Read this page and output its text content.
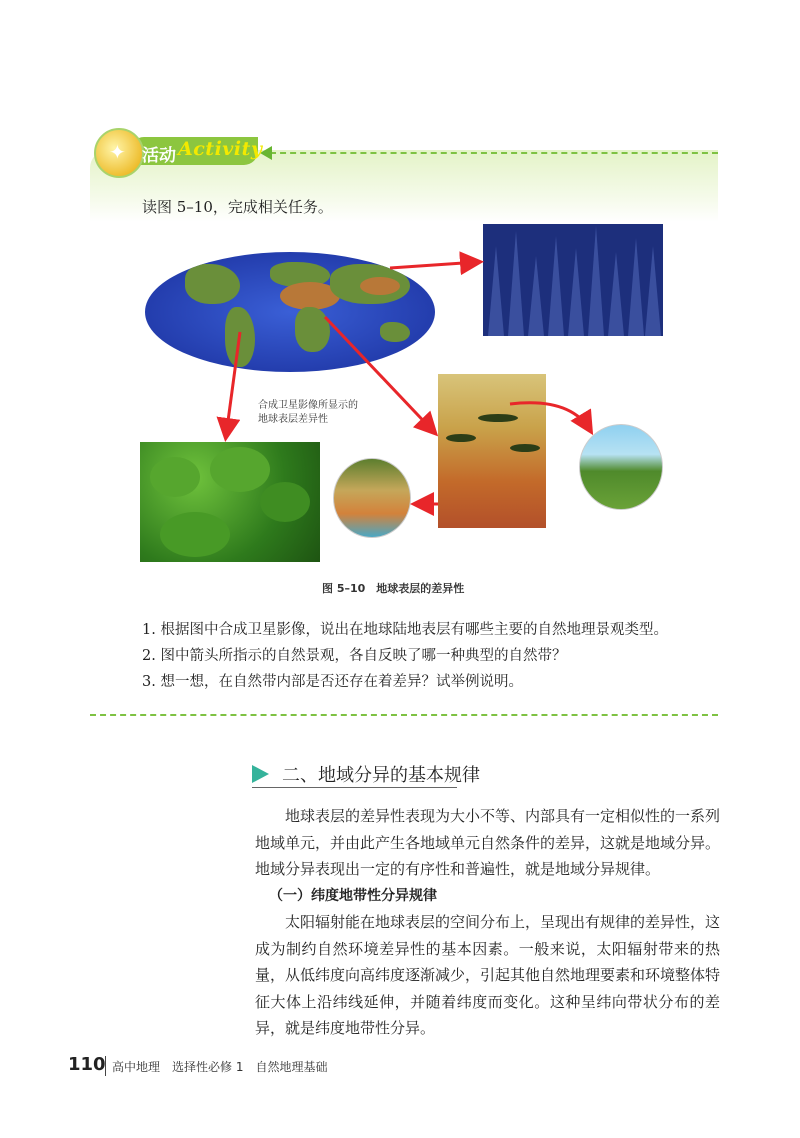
✦ 活动 Activity
读图 5–10，完成相关任务。
合成卫星影像所显示的
地球表层差异性
图 5–10　地球表层的差异性

1. 根据图中合成卫星影像，说出在地球陆地表层有哪些主要的自然地理景观类型。

2. 图中箭头所指示的自然景观，各自反映了哪一种典型的自然带？

3. 想一想，在自然带内部是否还存在着差异？试举例说明。

二、地域分异的基本规律

地球表层的差异性表现为大小不等、内部具有一定相似性的一系列地域单元，并由此产生各地域单元自然条件的差异，这就是地域分异。地域分异表现出一定的有序性和普遍性，就是地域分异规律。

（一）纬度地带性分异规律

太阳辐射能在地球表层的空间分布上，呈现出有规律的差异性，这成为制约自然环境差异性的基本因素。一般来说，太阳辐射带来的热量，从低纬度向高纬度逐渐减少，引起其他自然地理要素和环境整体特征大体上沿纬线延伸，并随着纬度而变化。这种呈纬向带状分布的差异，就是纬度地带性分异。

110 高中地理　选择性必修 1　自然地理基础
